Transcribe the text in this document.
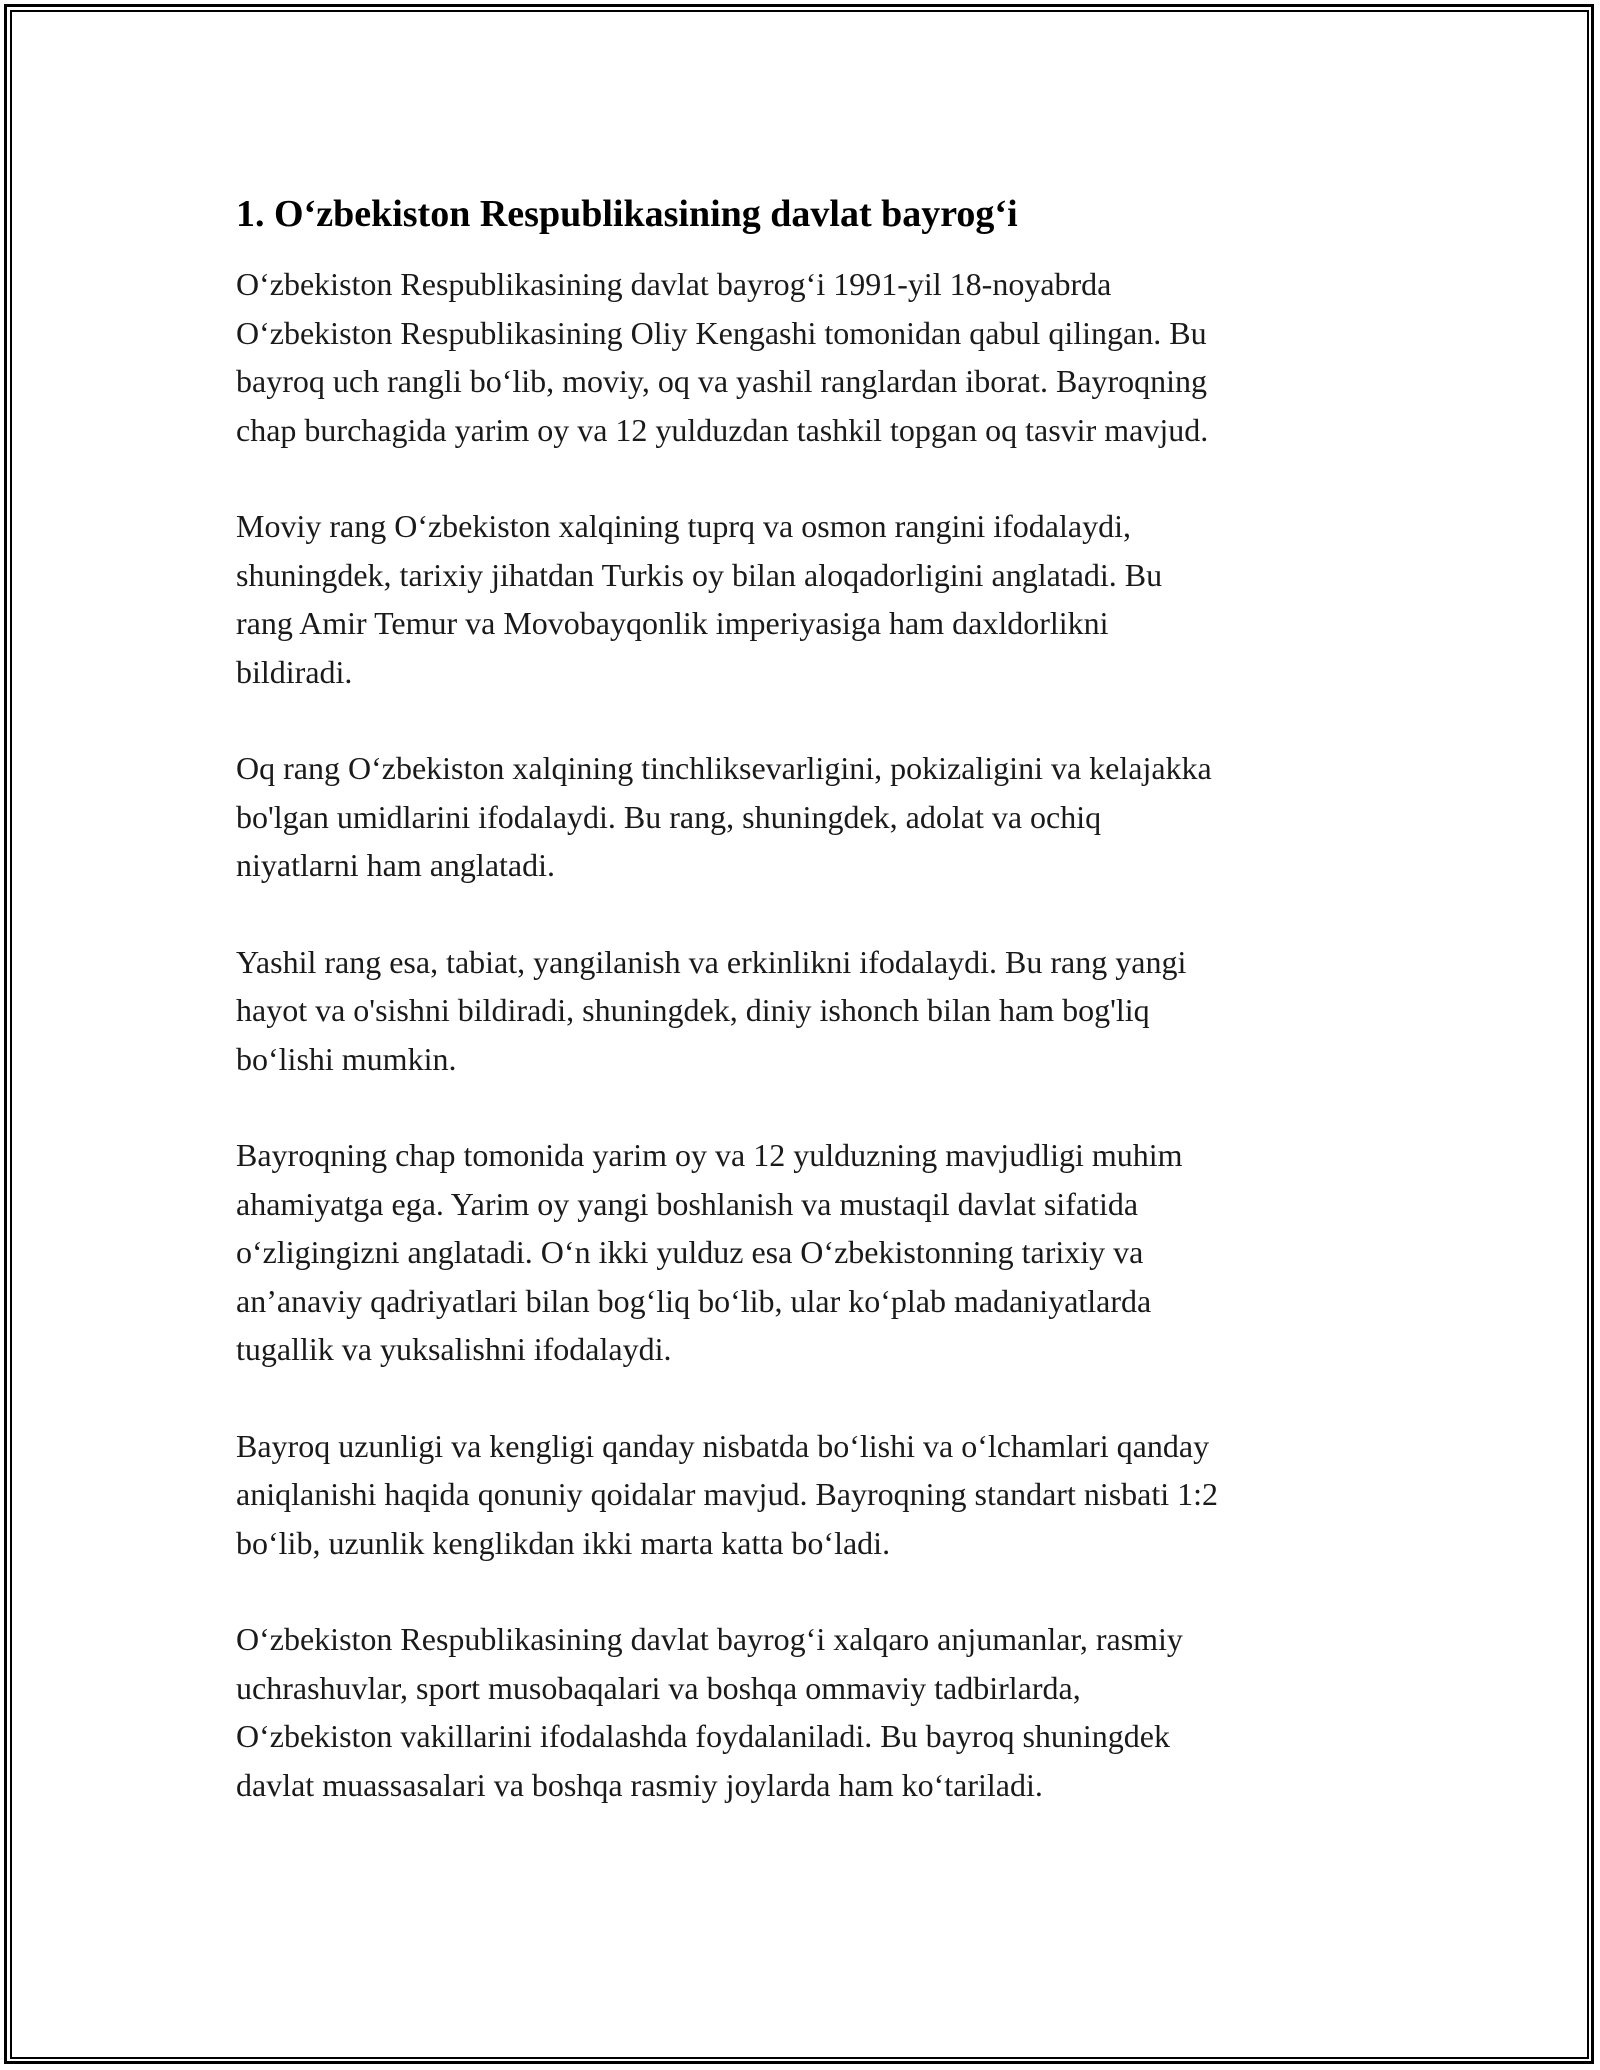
1. O‘zbekiston Respublikasining davlat bayrog‘i

O‘zbekiston Respublikasining davlat bayrog‘i 1991-yil 18-noyabrda
O‘zbekiston Respublikasining Oliy Kengashi tomonidan qabul qilingan. Bu
bayroq uch rangli bo‘lib, moviy, oq va yashil ranglardan iborat. Bayroqning
chap burchagida yarim oy va 12 yulduzdan tashkil topgan oq tasvir mavjud.

Moviy rang O‘zbekiston xalqining tuprq va osmon rangini ifodalaydi,
shuningdek, tarixiy jihatdan Turkis oy bilan aloqadorligini anglatadi. Bu
rang Amir Temur va Movobayqonlik imperiyasiga ham daxldorlikni
bildiradi.

Oq rang O‘zbekiston xalqining tinchliksevarligini, pokizaligini va kelajakka
bo'lgan umidlarini ifodalaydi. Bu rang, shuningdek, adolat va ochiq
niyatlarni ham anglatadi.

Yashil rang esa, tabiat, yangilanish va erkinlikni ifodalaydi. Bu rang yangi
hayot va o'sishni bildiradi, shuningdek, diniy ishonch bilan ham bog'liq
bo‘lishi mumkin.

Bayroqning chap tomonida yarim oy va 12 yulduzning mavjudligi muhim
ahamiyatga ega. Yarim oy yangi boshlanish va mustaqil davlat sifatida
o‘zligingizni anglatadi. O‘n ikki yulduz esa O‘zbekistonning tarixiy va
an’anaviy qadriyatlari bilan bog‘liq bo‘lib, ular ko‘plab madaniyatlarda
tugallik va yuksalishni ifodalaydi.

Bayroq uzunligi va kengligi qanday nisbatda bo‘lishi va o‘lchamlari qanday
aniqlanishi haqida qonuniy qoidalar mavjud. Bayroqning standart nisbati 1:2
bo‘lib, uzunlik kenglikdan ikki marta katta bo‘ladi.

O‘zbekiston Respublikasining davlat bayrog‘i xalqaro anjumanlar, rasmiy
uchrashuvlar, sport musobaqalari va boshqa ommaviy tadbirlarda,
O‘zbekiston vakillarini ifodalashda foydalaniladi. Bu bayroq shuningdek
davlat muassasalari va boshqa rasmiy joylarda ham ko‘tariladi.
